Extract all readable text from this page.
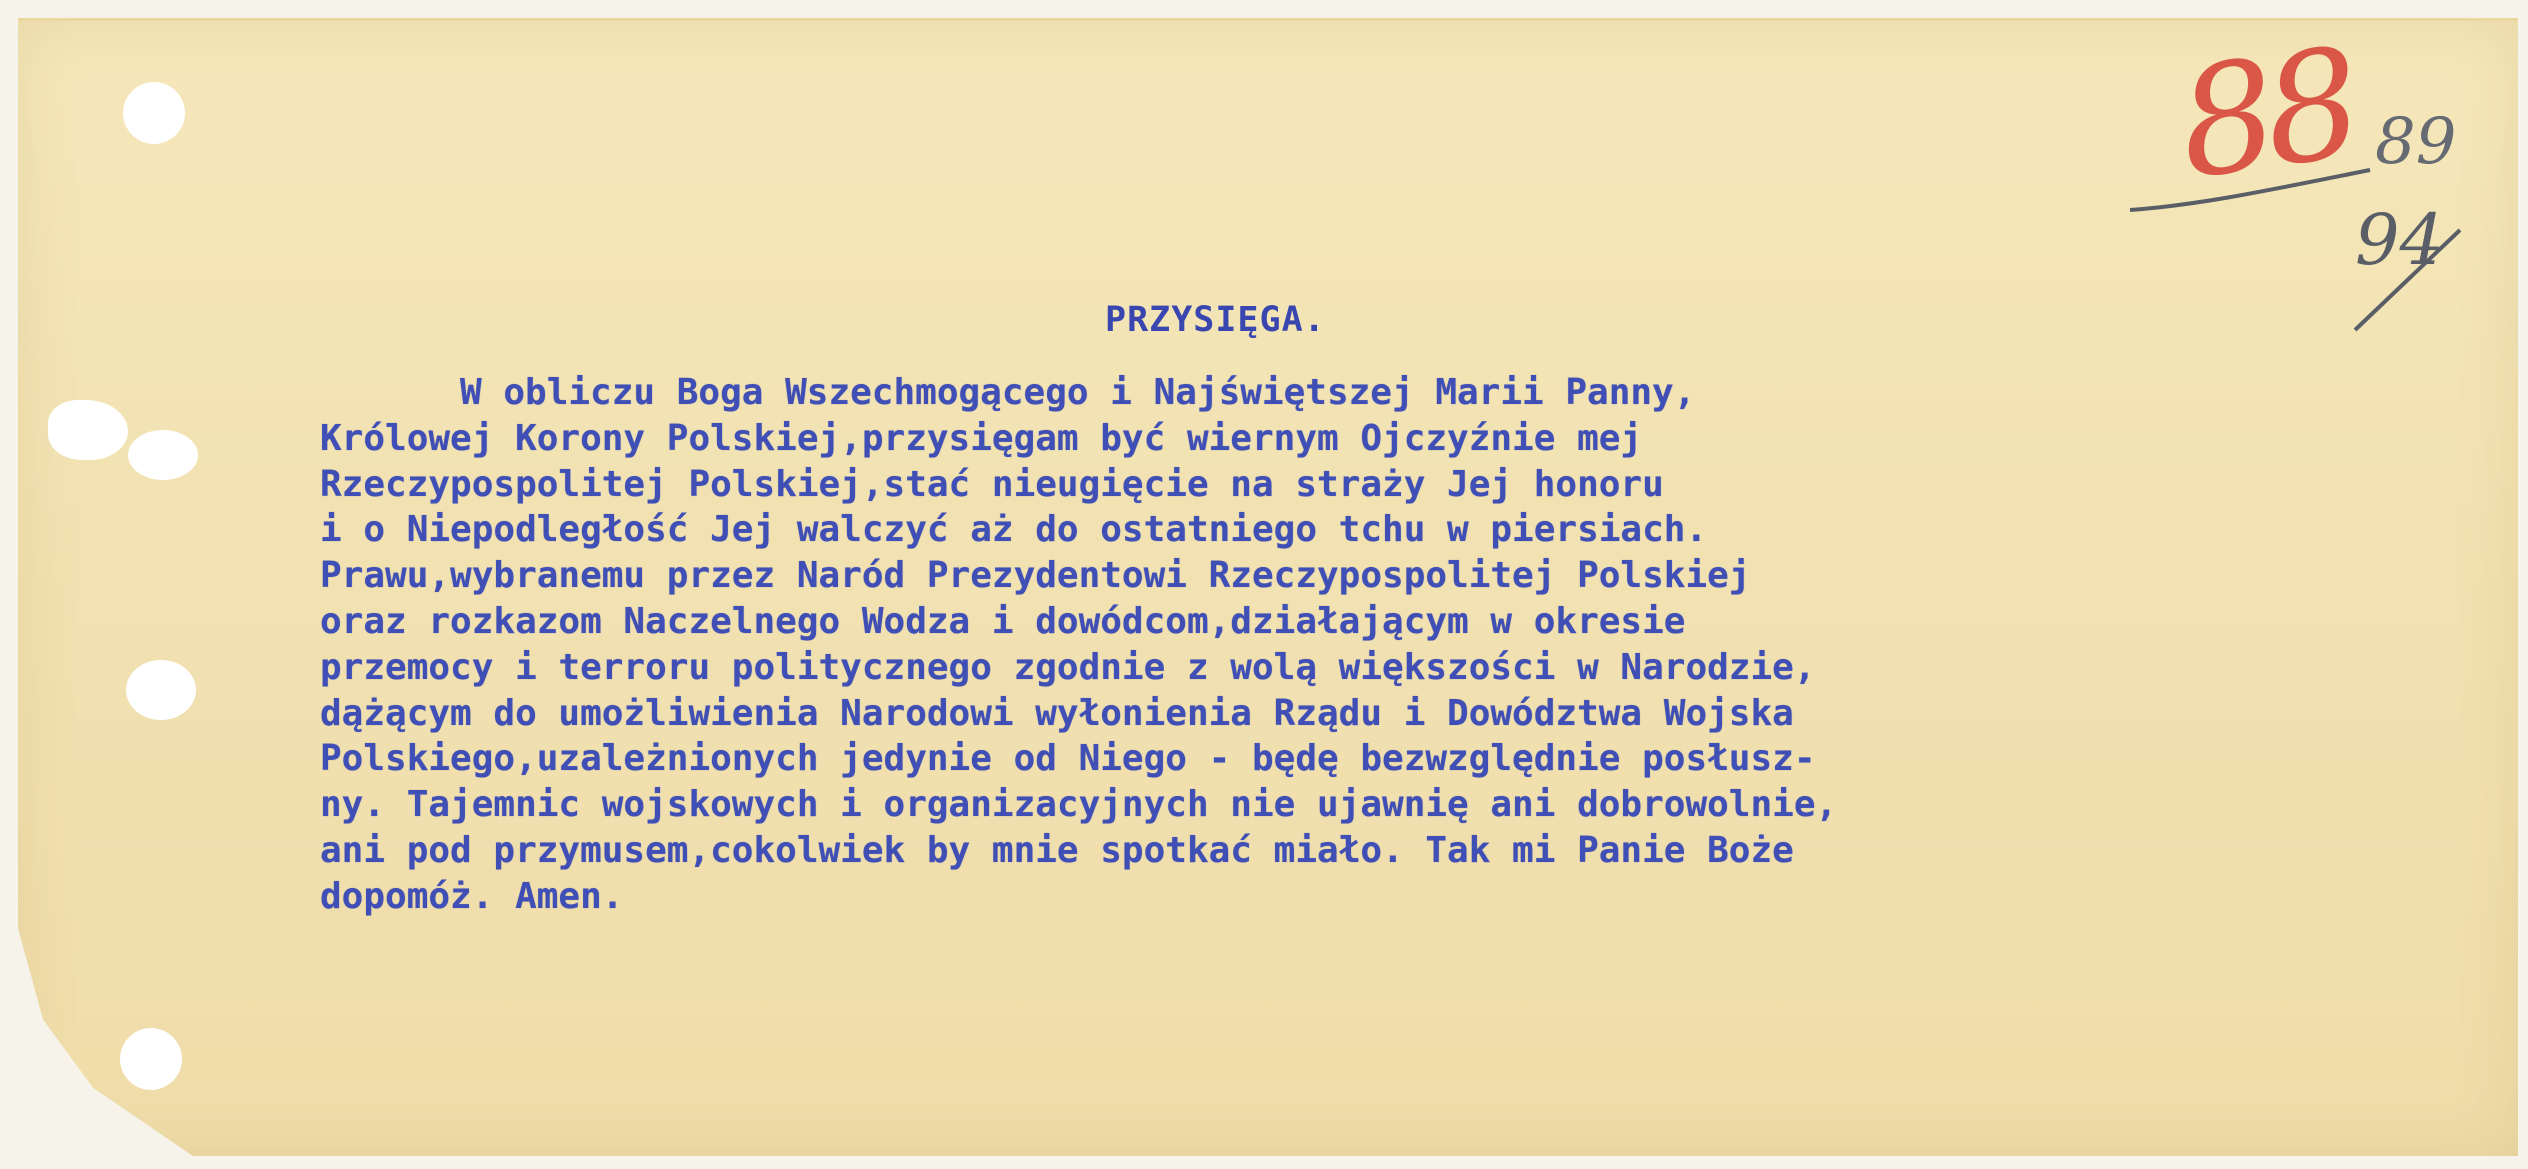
PRZYSIĘGA.
W obliczu Boga Wszechmogącego i Najświętszej Marii Panny,
Królowej Korony Polskiej,przysięgam być wiernym Ojczyźnie mej
Rzeczypospolitej Polskiej,stać nieugięcie na straży Jej honoru
i o Niepodległość Jej walczyć aż do ostatniego tchu w piersiach.
Prawu,wybranemu przez Naród Prezydentowi Rzeczypospolitej Polskiej
oraz rozkazom Naczelnego Wodza i dowódcom,działającym w okresie
przemocy i terroru politycznego zgodnie z wolą większości w Narodzie,
dążącym do umożliwienia Narodowi wyłonienia Rządu i Dowództwa Wojska
Polskiego,uzależnionych jedynie od Niego - będę bezwzględnie posłusz-
ny. Tajemnic wojskowych i organizacyjnych nie ujawnię ani dobrowolnie,
ani pod przymusem,cokolwiek by mnie spotkać miało. Tak mi Panie Boże
dopomóż. Amen.
88 89
94
